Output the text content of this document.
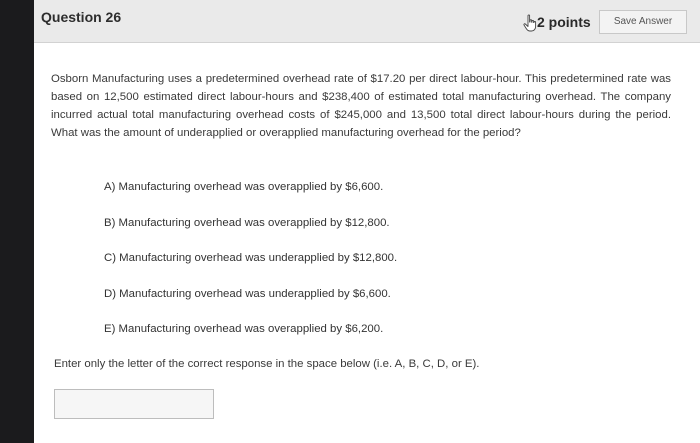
Question 26	2 points	Save Answer

Osborn Manufacturing uses a predetermined overhead rate of $17.20 per direct labour-hour. This predetermined rate was based on 12,500 estimated direct labour-hours and $238,400 of estimated total manufacturing overhead. The company incurred actual total manufacturing overhead costs of $245,000 and 13,500 total direct labour-hours during the period. What was the amount of underapplied or overapplied manufacturing overhead for the period?

A) Manufacturing overhead was overapplied by $6,600.
B) Manufacturing overhead was overapplied by $12,800.
C) Manufacturing overhead was underapplied by $12,800.
D) Manufacturing overhead was underapplied by $6,600.
E) Manufacturing overhead was overapplied by $6,200.

Enter only the letter of the correct response in the space below (i.e. A, B, C, D, or E).
